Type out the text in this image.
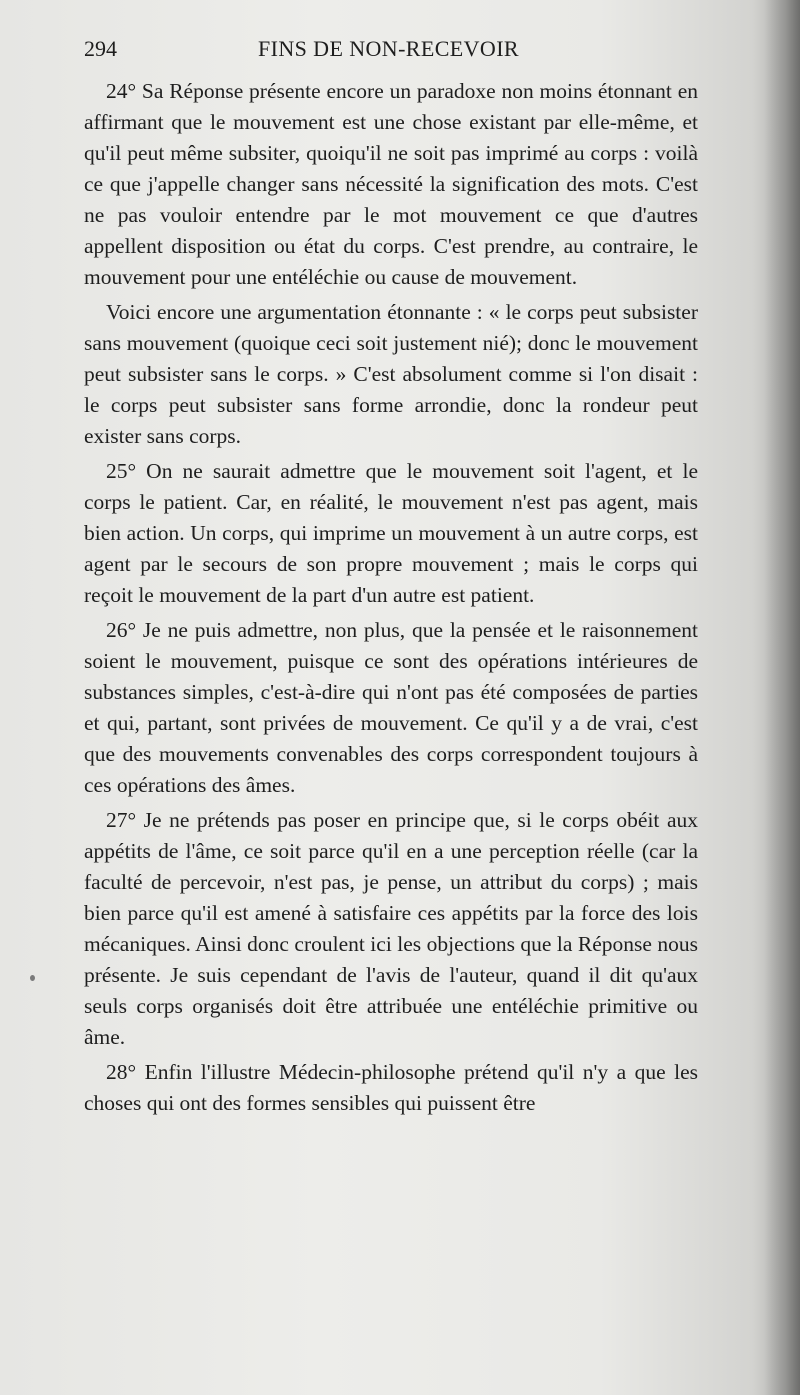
294	FINS DE NON-RECEVOIR

24° Sa Réponse présente encore un paradoxe non moins étonnant en affirmant que le mouvement est une chose existant par elle-même, et qu'il peut même subsiter, quoiqu'il ne soit pas imprimé au corps : voilà ce que j'appelle changer sans nécessité la signification des mots. C'est ne pas vouloir entendre par le mot mouvement ce que d'autres appellent disposition ou état du corps. C'est prendre, au contraire, le mouvement pour une entéléchie ou cause de mouvement.

Voici encore une argumentation étonnante : « le corps peut subsister sans mouvement (quoique ceci soit justement nié); donc le mouvement peut subsister sans le corps. » C'est absolument comme si l'on disait : le corps peut subsister sans forme arrondie, donc la rondeur peut exister sans corps.

25° On ne saurait admettre que le mouvement soit l'agent, et le corps le patient. Car, en réalité, le mouvement n'est pas agent, mais bien action. Un corps, qui imprime un mouvement à un autre corps, est agent par le secours de son propre mouvement ; mais le corps qui reçoit le mouvement de la part d'un autre est patient.

26° Je ne puis admettre, non plus, que la pensée et le raisonnement soient le mouvement, puisque ce sont des opérations intérieures de substances simples, c'est-à-dire qui n'ont pas été composées de parties et qui, partant, sont privées de mouvement. Ce qu'il y a de vrai, c'est que des mouvements convenables des corps correspondent toujours à ces opérations des âmes.

27° Je ne prétends pas poser en principe que, si le corps obéit aux appétits de l'âme, ce soit parce qu'il en a une perception réelle (car la faculté de percevoir, n'est pas, je pense, un attribut du corps) ; mais bien parce qu'il est amené à satisfaire ces appétits par la force des lois mécaniques. Ainsi donc croulent ici les objections que la Réponse nous présente. Je suis cependant de l'avis de l'auteur, quand il dit qu'aux seuls corps organisés doit être attribuée une entéléchie primitive ou âme.

28° Enfin l'illustre Médecin-philosophe prétend qu'il n'y a que les choses qui ont des formes sensibles qui puissent être
